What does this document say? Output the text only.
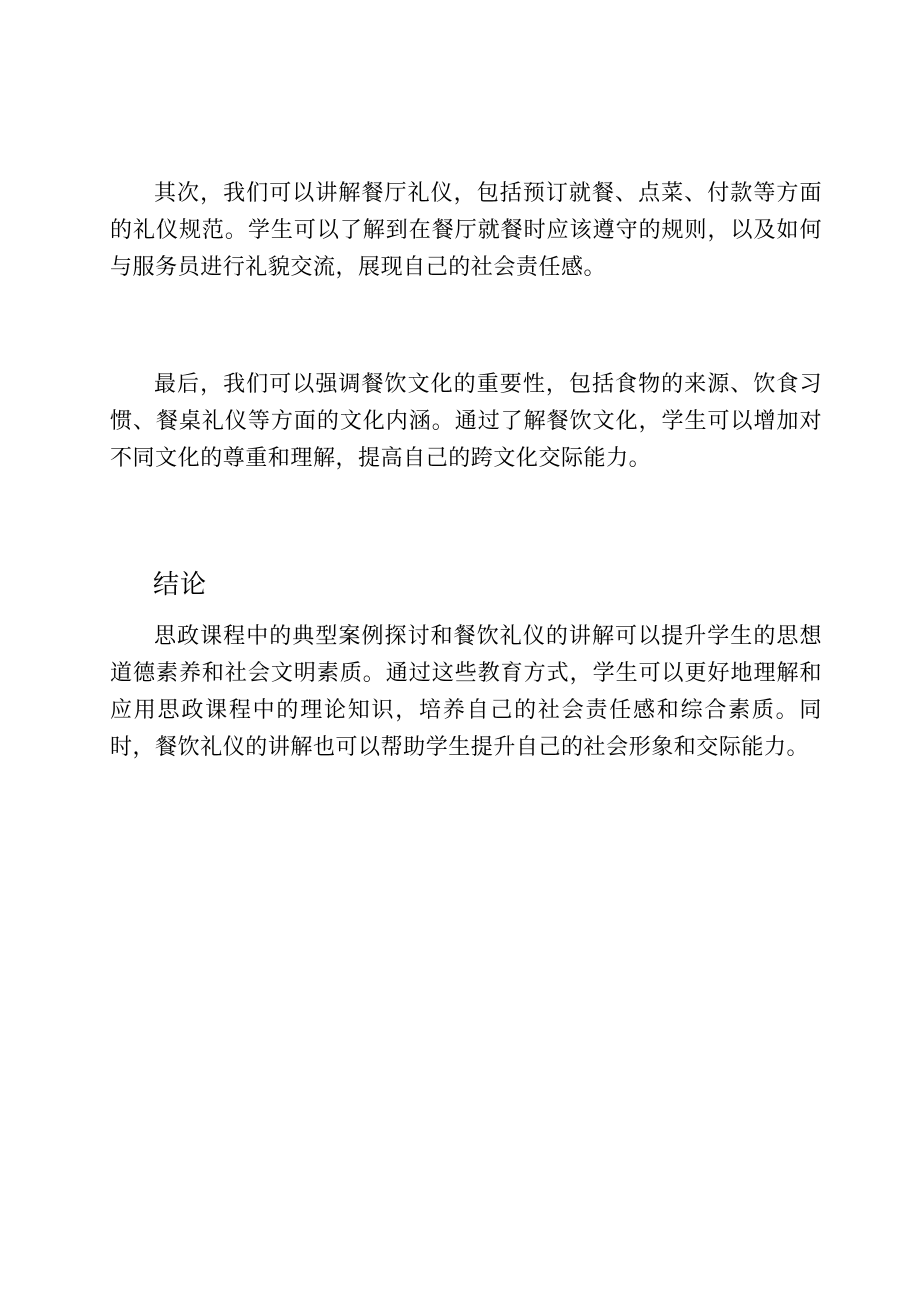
其次，我们可以讲解餐厅礼仪，包括预订就餐、点菜、付款等方面的礼仪规范。学生可以了解到在餐厅就餐时应该遵守的规则，以及如何与服务员进行礼貌交流，展现自己的社会责任感。

最后，我们可以强调餐饮文化的重要性，包括食物的来源、饮食习惯、餐桌礼仪等方面的文化内涵。通过了解餐饮文化，学生可以增加对不同文化的尊重和理解，提高自己的跨文化交际能力。

结论

思政课程中的典型案例探讨和餐饮礼仪的讲解可以提升学生的思想道德素养和社会文明素质。通过这些教育方式，学生可以更好地理解和应用思政课程中的理论知识，培养自己的社会责任感和综合素质。同时，餐饮礼仪的讲解也可以帮助学生提升自己的社会形象和交际能力。
